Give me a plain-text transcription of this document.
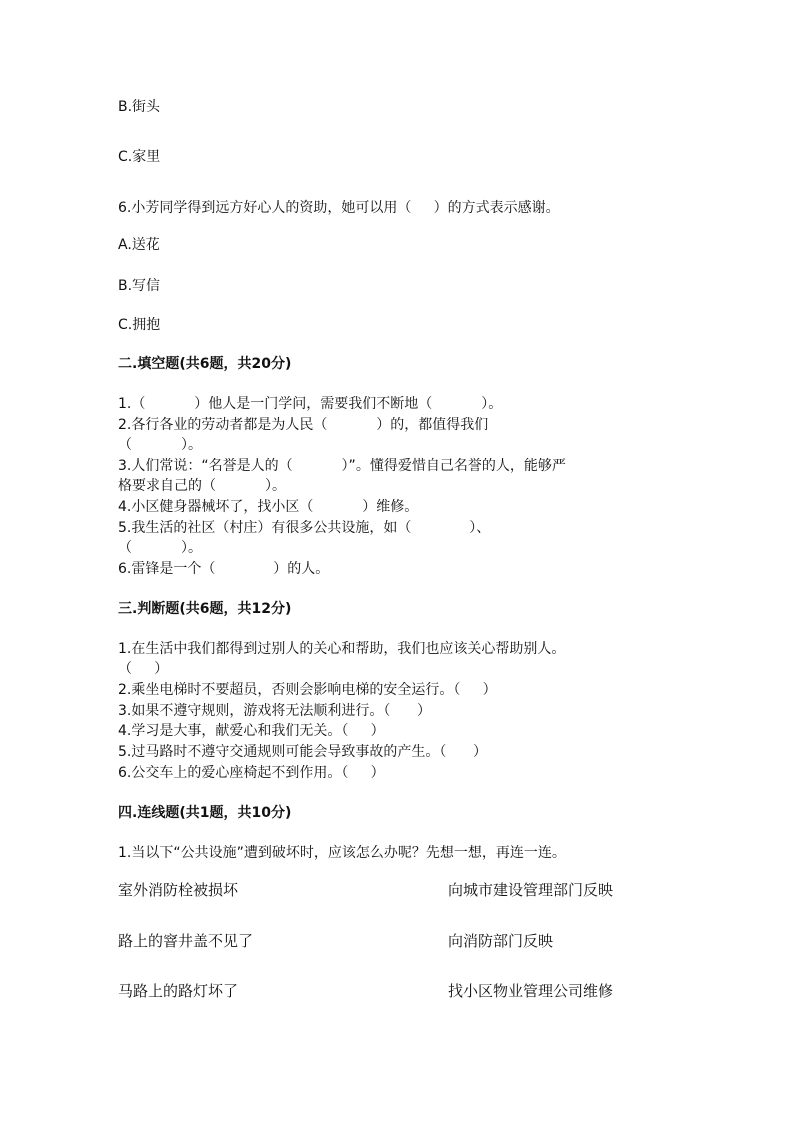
B.街头

C.家里

6.小芳同学得到远方好心人的资助，她可以用（     ）的方式表示感谢。

A.送花

B.写信

C.拥抱

二.填空题(共6题，共20分)

1.（           ）他人是一门学问，需要我们不断地（           ）。

2.各行各业的劳动者都是为人民（           ）的，都值得我们

（           ）。

3.人们常说：“名誉是人的（           ）”。懂得爱惜自己名誉的人，能够严

格要求自己的（           ）。

4.小区健身器械坏了，找小区（           ）维修。

5.我生活的社区（村庄）有很多公共设施，如（             ）、

（           ）。

6.雷锋是一个（             ）的人。

三.判断题(共6题，共12分)

1.在生活中我们都得到过别人的关心和帮助，我们也应该关心帮助别人。

（     ）

2.乘坐电梯时不要超员，否则会影响电梯的安全运行。（     ）

3.如果不遵守规则，游戏将无法顺利进行。（      ）

4.学习是大事，献爱心和我们无关。（     ）

5.过马路时不遵守交通规则可能会导致事故的产生。（      ）

6.公交车上的爱心座椅起不到作用。（     ）

四.连线题(共1题，共10分)

1.当以下“公共设施”遭到破坏时，应该怎么办呢？先想一想，再连一连。

室外消防栓被损坏

路上的窨井盖不见了

马路上的路灯坏了

向城市建设管理部门反映

向消防部门反映

找小区物业管理公司维修
